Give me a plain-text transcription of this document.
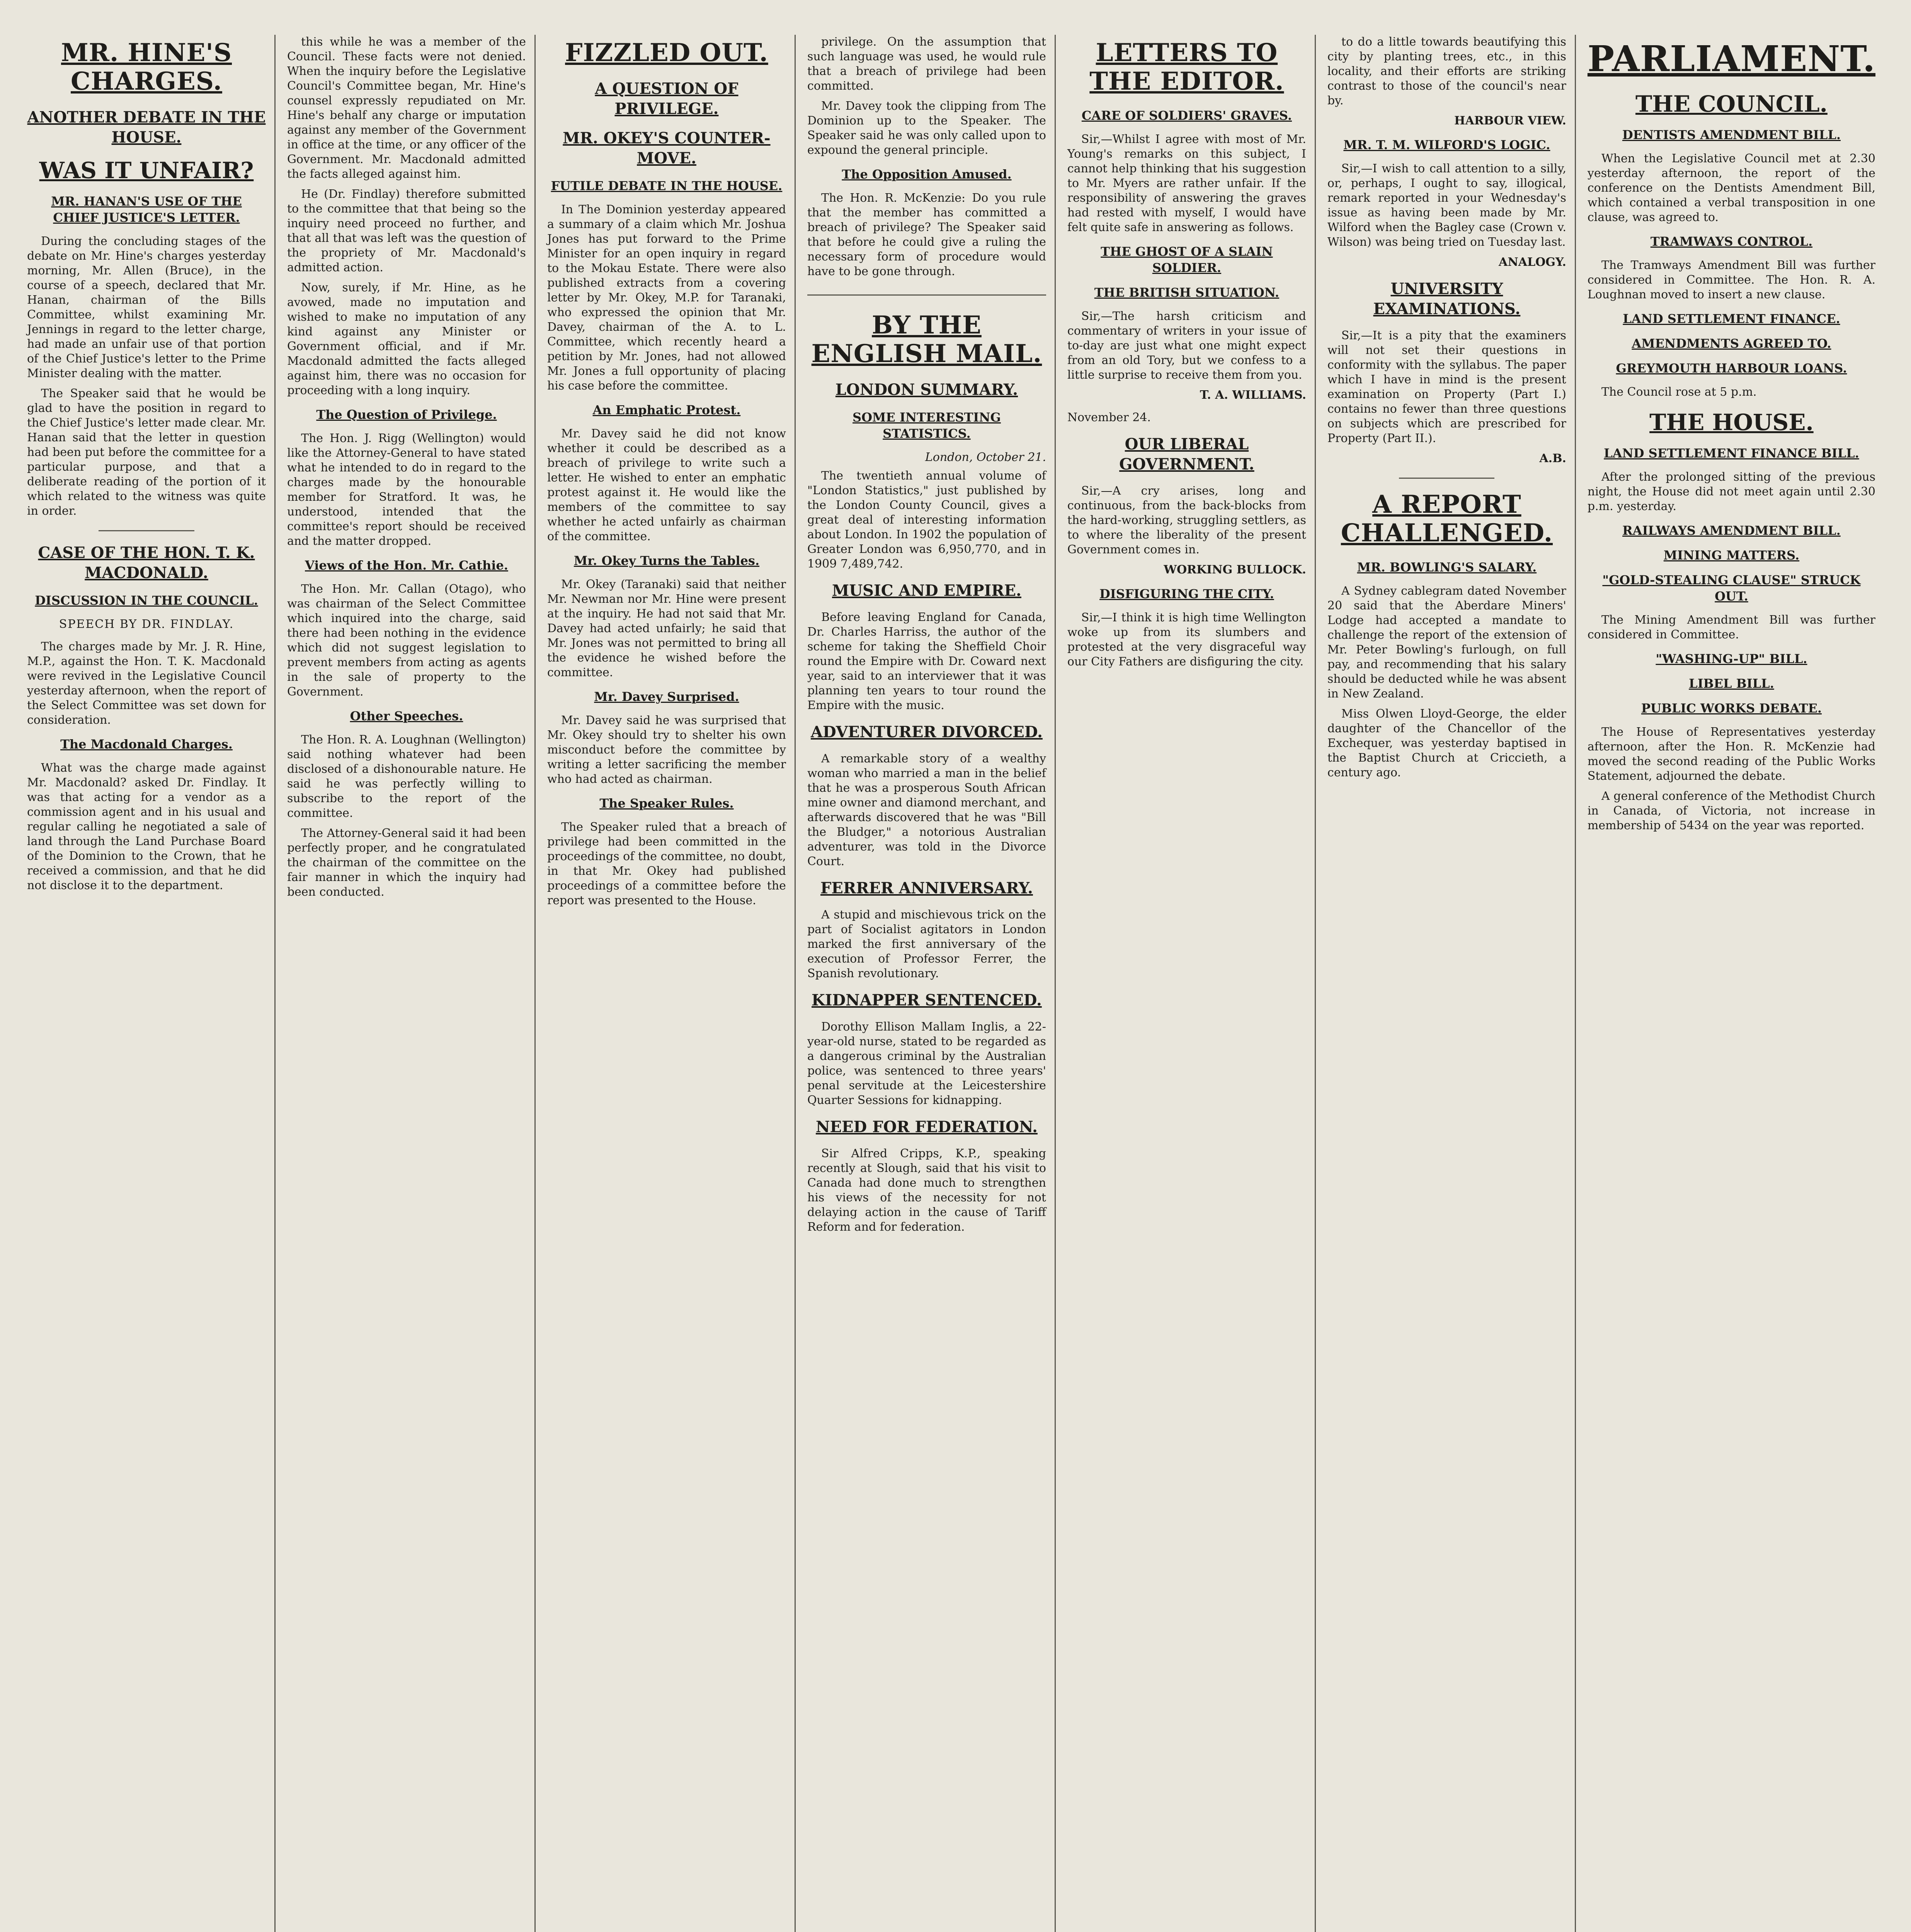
MR. HINE'S CHARGES.
ANOTHER DEBATE IN THE HOUSE.
WAS IT UNFAIR?
MR. HANAN'S USE OF THE CHIEF JUSTICE'S LETTER.

During the concluding stages of the debate on Mr. Hine's charges yesterday morning, Mr. Allen (Bruce), in the course of a speech, declared that Mr. Hanan, chairman of the Bills Committee, whilst examining Mr. Jennings in regard to the letter charge, had made an unfair use of that portion of the Chief Justice's letter to the Prime Minister dealing with the matter.

The Speaker said that he would be glad to have the position in regard to the Chief Justice's letter made clear. Mr. Hanan said that the letter in question had been put before the committee for a particular purpose, and that a deliberate reading of the portion of it which related to the witness was quite in order.

CASE OF THE HON. T. K. MACDONALD.
DISCUSSION IN THE COUNCIL.
SPEECH BY DR. FINDLAY.

The charges made by Mr. J. R. Hine, M.P., against the Hon. T. K. Macdonald were revived in the Legislative Council yesterday afternoon, when the report of the Select Committee was set down for consideration.

The Macdonald Charges.

What was the charge made against Mr. Macdonald? asked Dr. Findlay. It was that acting for a vendor as a commission agent and in his usual and regular calling he negotiated a sale of land through the Land Purchase Board of the Dominion to the Crown, that he received a commission, and that he did not disclose it to the department.

this while he was a member of the Council. These facts were not denied. When the inquiry before the Legislative Council's Committee began, Mr. Hine's counsel expressly repudiated on Mr. Hine's behalf any charge or imputation against any member of the Government in office at the time, or any officer of the Government. Mr. Macdonald admitted the facts alleged against him.

He (Dr. Findlay) therefore submitted to the committee that that being so the inquiry need proceed no further, and that all that was left was the question of the propriety of Mr. Macdonald's admitted action.

Now, surely, if Mr. Hine, as he avowed, made no imputation and wished to make no imputation of any kind against any Minister or Government official, and if Mr. Macdonald admitted the facts alleged against him, there was no occasion for proceeding with a long inquiry.

The Question of Privilege.

The Hon. J. Rigg (Wellington) would like the Attorney-General to have stated what he intended to do in regard to the charges made by the honourable member for Stratford. It was, he understood, intended that the committee's report should be received and the matter dropped.

Views of the Hon. Mr. Cathie.

The Hon. Mr. Callan (Otago), who was chairman of the Select Committee which inquired into the charge, said there had been nothing in the evidence which did not suggest legislation to prevent members from acting as agents in the sale of property to the Government.

Other Speeches.

The Hon. R. A. Loughnan (Wellington) said nothing whatever had been disclosed of a dishonourable nature. He said he was perfectly willing to subscribe to the report of the committee.

The Attorney-General said it had been perfectly proper, and he congratulated the chairman of the committee on the fair manner in which the inquiry had been conducted.

FIZZLED OUT.
A QUESTION OF PRIVILEGE.
MR. OKEY'S COUNTER-MOVE.
FUTILE DEBATE IN THE HOUSE.

In The Dominion yesterday appeared a summary of a claim which Mr. Joshua Jones has put forward to the Prime Minister for an open inquiry in regard to the Mokau Estate. There were also published extracts from a covering letter by Mr. Okey, M.P. for Taranaki, who expressed the opinion that Mr. Davey, chairman of the A. to L. Committee, which recently heard a petition by Mr. Jones, had not allowed Mr. Jones a full opportunity of placing his case before the committee.

An Emphatic Protest.

Mr. Davey said he did not know whether it could be described as a breach of privilege to write such a letter. He wished to enter an emphatic protest against it. He would like the members of the committee to say whether he acted unfairly as chairman of the committee.

Mr. Okey Turns the Tables.

Mr. Okey (Taranaki) said that neither Mr. Newman nor Mr. Hine were present at the inquiry. He had not said that Mr. Davey had acted unfairly; he said that Mr. Jones was not permitted to bring all the evidence he wished before the committee.

Mr. Davey Surprised.

Mr. Davey said he was surprised that Mr. Okey should try to shelter his own misconduct before the committee by writing a letter sacrificing the member who had acted as chairman.

The Speaker Rules.

The Speaker ruled that a breach of privilege had been committed in the proceedings of the committee, no doubt, in that Mr. Okey had published proceedings of a committee before the report was presented to the House.

privilege. On the assumption that such language was used, he would rule that a breach of privilege had been committed.

Mr. Davey took the clipping from The Dominion up to the Speaker. The Speaker said he was only called upon to expound the general principle.

The Opposition Amused.

The Hon. R. McKenzie: Do you rule that the member has committed a breach of privilege? The Speaker said that before he could give a ruling the necessary form of procedure would have to be gone through.

BY THE ENGLISH MAIL.
LONDON SUMMARY.
SOME INTERESTING STATISTICS.
London, October 21.

The twentieth annual volume of "London Statistics," just published by the London County Council, gives a great deal of interesting information about London. In 1902 the population of Greater London was 6,950,770, and in 1909 7,489,742.

MUSIC AND EMPIRE.

Before leaving England for Canada, Dr. Charles Harriss, the author of the scheme for taking the Sheffield Choir round the Empire with Dr. Coward next year, said to an interviewer that it was planning ten years to tour round the Empire with the music.

ADVENTURER DIVORCED.

A remarkable story of a wealthy woman who married a man in the belief that he was a prosperous South African mine owner and diamond merchant, and afterwards discovered that he was "Bill the Bludger," a notorious Australian adventurer, was told in the Divorce Court.

FERRER ANNIVERSARY.

A stupid and mischievous trick on the part of Socialist agitators in London marked the first anniversary of the execution of Professor Ferrer, the Spanish revolutionary.

KIDNAPPER SENTENCED.

Dorothy Ellison Mallam Inglis, a 22-year-old nurse, stated to be regarded as a dangerous criminal by the Australian police, was sentenced to three years' penal servitude at the Leicestershire Quarter Sessions for kidnapping.

NEED FOR FEDERATION.

Sir Alfred Cripps, K.P., speaking recently at Slough, said that his visit to Canada had done much to strengthen his views of the necessity for not delaying action in the cause of Tariff Reform and for federation.

LETTERS TO THE EDITOR.
CARE OF SOLDIERS' GRAVES.

Sir,—Whilst I agree with most of Mr. Young's remarks on this subject, I cannot help thinking that his suggestion to Mr. Myers are rather unfair. If the responsibility of answering the graves had rested with myself, I would have felt quite safe in answering as follows.

THE GHOST OF A SLAIN SOLDIER.
THE BRITISH SITUATION.

Sir,—The harsh criticism and commentary of writers in your issue of to-day are just what one might expect from an old Tory, but we confess to a little surprise to receive them from you.

T. A. WILLIAMS.
November 24.
OUR LIBERAL GOVERNMENT.

Sir,—A cry arises, long and continuous, from the back-blocks from the hard-working, struggling settlers, as to where the liberality of the present Government comes in.

WORKING BULLOCK.
DISFIGURING THE CITY.

Sir,—I think it is high time Wellington woke up from its slumbers and protested at the very disgraceful way our City Fathers are disfiguring the city.

to do a little towards beautifying this city by planting trees, etc., in this locality, and their efforts are striking contrast to those of the council's near by.

HARBOUR VIEW.
MR. T. M. WILFORD'S LOGIC.

Sir,—I wish to call attention to a silly, or, perhaps, I ought to say, illogical, remark reported in your Wednesday's issue as having been made by Mr. Wilford when the Bagley case (Crown v. Wilson) was being tried on Tuesday last.

ANALOGY.
UNIVERSITY EXAMINATIONS.

Sir,—It is a pity that the examiners will not set their questions in conformity with the syllabus. The paper which I have in mind is the present examination on Property (Part I.) contains no fewer than three questions on subjects which are prescribed for Property (Part II.).

A.B.
A REPORT CHALLENGED.
MR. BOWLING'S SALARY.

A Sydney cablegram dated November 20 said that the Aberdare Miners' Lodge had accepted a mandate to challenge the report of the extension of Mr. Peter Bowling's furlough, on full pay, and recommending that his salary should be deducted while he was absent in New Zealand.

Miss Olwen Lloyd-George, the elder daughter of the Chancellor of the Exchequer, was yesterday baptised in the Baptist Church at Criccieth, a century ago.

PARLIAMENT.
THE COUNCIL.
DENTISTS AMENDMENT BILL.

When the Legislative Council met at 2.30 yesterday afternoon, the report of the conference on the Dentists Amendment Bill, which contained a verbal transposition in one clause, was agreed to.

TRAMWAYS CONTROL.

The Tramways Amendment Bill was further considered in Committee. The Hon. R. A. Loughnan moved to insert a new clause.

LAND SETTLEMENT FINANCE.
AMENDMENTS AGREED TO.
GREYMOUTH HARBOUR LOANS.

The Council rose at 5 p.m.

THE HOUSE.
LAND SETTLEMENT FINANCE BILL.

After the prolonged sitting of the previous night, the House did not meet again until 2.30 p.m. yesterday.

RAILWAYS AMENDMENT BILL.
MINING MATTERS.
"GOLD-STEALING CLAUSE" STRUCK OUT.

The Mining Amendment Bill was further considered in Committee.

"WASHING-UP" BILL.
LIBEL BILL.
PUBLIC WORKS DEBATE.

The House of Representatives yesterday afternoon, after the Hon. R. McKenzie had moved the second reading of the Public Works Statement, adjourned the debate.

A general conference of the Methodist Church in Canada, of Victoria, not increase in membership of 5434 on the year was reported.
